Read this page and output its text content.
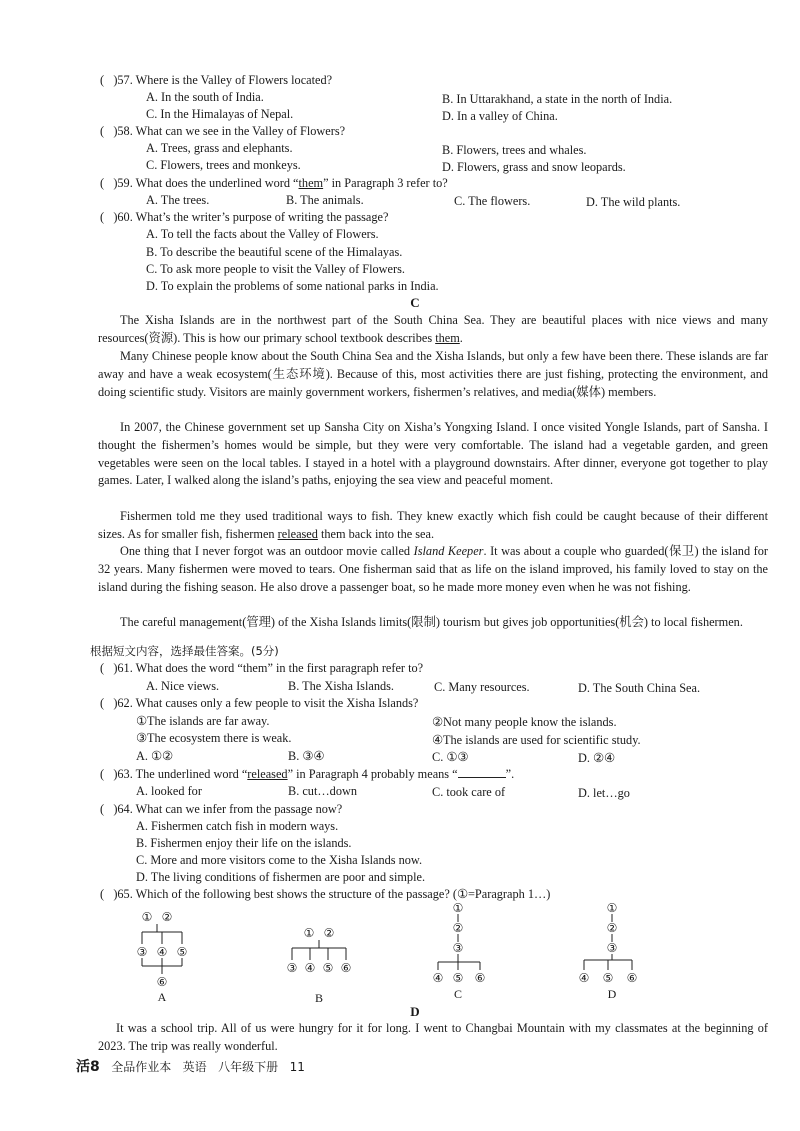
(   )57. Where is the Valley of Flowers located?
A. In the south of India.	B. In Uttarakhand, a state in the north of India.
C. In the Himalayas of Nepal.	D. In a valley of China.
(   )58. What can we see in the Valley of Flowers?
A. Trees, grass and elephants.	B. Flowers, trees and whales.
C. Flowers, trees and monkeys.	D. Flowers, grass and snow leopards.
(   )59. What does the underlined word “them” in Paragraph 3 refer to?
A. The trees.	B. The animals.	C. The flowers.	D. The wild plants.
(   )60. What’s the writer’s purpose of writing the passage?
A. To tell the facts about the Valley of Flowers.
B. To describe the beautiful scene of the Himalayas.
C. To ask more people to visit the Valley of Flowers.
D. To explain the problems of some national parks in India.
C
The Xisha Islands are in the northwest part of the South China Sea. They are beautiful places with nice views and many resources(资源). This is how our primary school textbook describes them.
Many Chinese people know about the South China Sea and the Xisha Islands, but only a few have been there. These islands are far away and have a weak ecosystem(生态环境). Because of this, most activities there are just fishing, protecting the environment, and doing scientific study. Visitors are mainly government workers, fishermen’s relatives, and media(媒体) members.
In 2007, the Chinese government set up Sansha City on Xisha’s Yongxing Island. I once visited Yongle Islands, part of Sansha. I thought the fishermen’s homes would be simple, but they were very comfortable. The island had a vegetable garden, and green vegetables were seen on the local tables. I stayed in a hotel with a playground downstairs. After dinner, everyone got together to play games. Later, I walked along the island’s paths, enjoying the sea view and peaceful moment.
Fishermen told me they used traditional ways to fish. They knew exactly which fish could be caught because of their different sizes. As for smaller fish, fishermen released them back into the sea.
One thing that I never forgot was an outdoor movie called Island Keeper. It was about a couple who guarded(保卫) the island for 32 years. Many fishermen were moved to tears. One fisherman said that as life on the island improved, his family loved to stay on the island during the fishing season. He also drove a passenger boat, so he made more money even when he was not fishing.
The careful management(管理) of the Xisha Islands limits(限制) tourism but gives job opportunities(机会) to local fishermen.
根据短文内容，选择最佳答案。(5分)
(   )61. What does the word “them” in the first paragraph refer to?
A. Nice views.	B. The Xisha Islands.	C. Many resources.	D. The South China Sea.
(   )62. What causes only a few people to visit the Xisha Islands?
①The islands are far away.	②Not many people know the islands.
③The ecosystem there is weak.	④The islands are used for scientific study.
A. ①②	B. ③④	C. ①③	D. ②④
(   )63. The underlined word “released” in Paragraph 4 probably means “	”.
A. looked for	B. cut…down	C. took care of	D. let…go
(   )64. What can we infer from the passage now?
A. Fishermen catch fish in modern ways.
B. Fishermen enjoy their life on the islands.
C. More and more visitors come to the Xisha Islands now.
D. The living conditions of fishermen are poor and simple.
(   )65. Which of the following best shows the structure of the passage? (①=Paragraph 1…)
① ②
③ ④ ⑤
⑥
A
① ②
③ ④ ⑤ ⑥
B
①
②
③
④ ⑤ ⑥
C
①
②
③
④ ⑤ ⑥
D
D
It was a school trip. All of us were hungry for it for long. I went to Changbai Mountain with my classmates at the beginning of 2023. The trip was really wonderful.
活8 全品作业本 英语 八年级下册 11
